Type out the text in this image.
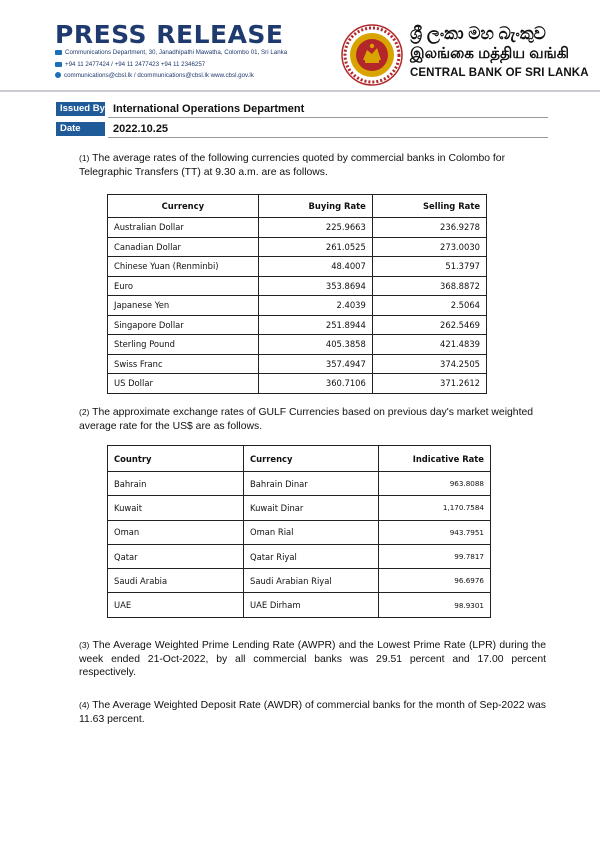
PRESS RELEASE
Communications Department, 30, Janadhipathi Mawatha, Colombo 01, Sri Lanka
+94 11 2477424 / +94 11 2477423 +94 11 2346257
communications@cbsl.lk / dcommunications@cbsl.lk www.cbsl.gov.lk
ශ්‍රී ලංකා මහ බැංකුව
இலங்கை மத்திய வங்கி
CENTRAL BANK OF SRI LANKA
Issued By International Operations Department
Date	2022.10.25
(1) The average rates of the following currencies quoted by commercial banks in Colombo for Telegraphic Transfers (TT) at 9.30 a.m. are as follows.
Currency	Buying Rate	Selling Rate
Australian Dollar	225.9663	236.9278
Canadian Dollar	261.0525	273.0030
Chinese Yuan (Renminbi)	48.4007	51.3797
Euro	353.8694	368.8872
Japanese Yen	2.4039	2.5064
Singapore Dollar	251.8944	262.5469
Sterling Pound	405.3858	421.4839
Swiss Franc	357.4947	374.2505
US Dollar	360.7106	371.2612
(2) The approximate exchange rates of GULF Currencies based on previous day's market weighted average rate for the US$ are as follows.
Country	Currency	Indicative Rate
Bahrain	Bahrain Dinar	963.8088
Kuwait	Kuwait Dinar	1,170.7584
Oman	Oman Rial	943.7951
Qatar	Qatar Riyal	99.7817
Saudi Arabia	Saudi Arabian Riyal	96.6976
UAE	UAE Dirham	98.9301
(3) The Average Weighted Prime Lending Rate (AWPR) and the Lowest Prime Rate (LPR) during the week ended 21-Oct-2022, by all commercial banks was 29.51 percent and 17.00 percent respectively.
(4) The Average Weighted Deposit Rate (AWDR) of commercial banks for the month of Sep-2022 was 11.63 percent.
